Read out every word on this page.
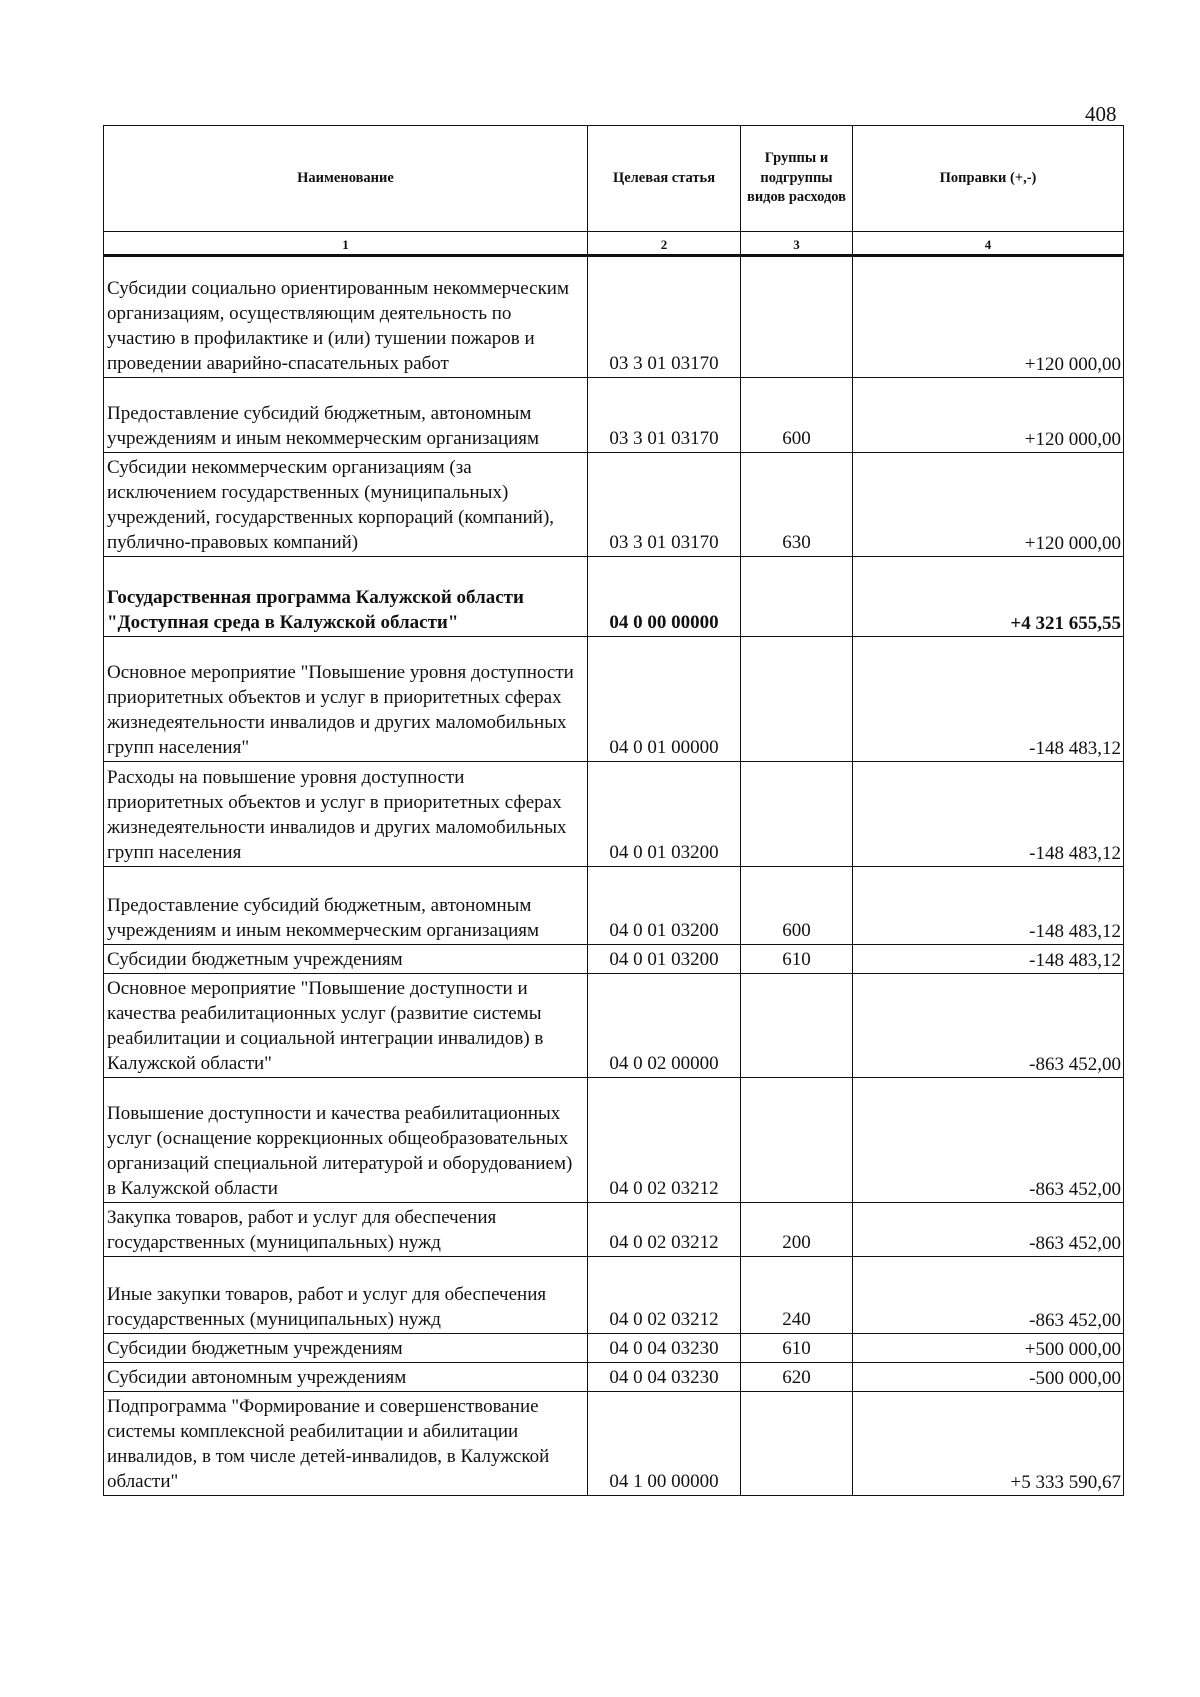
408
Наименование	Целевая статья	Группы и подгруппы видов расходов	Поправки (+,-)
1	2	3	4
Субсидии социально ориентированным некоммерческим организациям, осуществляющим деятельность по участию в профилактике и (или) тушении пожаров и проведении аварийно-спасательных работ	03 3 01 03170		+120 000,00
Предоставление субсидий бюджетным, автономным учреждениям и иным некоммерческим организациям	03 3 01 03170	600	+120 000,00
Субсидии некоммерческим организациям (за исключением государственных (муниципальных) учреждений, государственных корпораций (компаний), публично-правовых компаний)	03 3 01 03170	630	+120 000,00
Государственная программа Калужской области "Доступная среда в Калужской области"	04 0 00 00000		+4 321 655,55
Основное мероприятие "Повышение уровня доступности приоритетных объектов и услуг в приоритетных сферах жизнедеятельности инвалидов и других маломобильных групп населения"	04 0 01 00000		-148 483,12
Расходы на повышение уровня доступности приоритетных объектов и услуг в приоритетных сферах жизнедеятельности инвалидов и других маломобильных групп населения	04 0 01 03200		-148 483,12
Предоставление субсидий бюджетным, автономным учреждениям и иным некоммерческим организациям	04 0 01 03200	600	-148 483,12
Субсидии бюджетным учреждениям	04 0 01 03200	610	-148 483,12
Основное мероприятие "Повышение доступности и качества реабилитационных услуг (развитие системы реабилитации и социальной интеграции инвалидов) в Калужской области"	04 0 02 00000		-863 452,00
Повышение доступности и качества реабилитационных услуг (оснащение коррекционных общеобразовательных организаций специальной литературой и оборудованием) в Калужской области	04 0 02 03212		-863 452,00
Закупка товаров, работ и услуг для обеспечения государственных (муниципальных) нужд	04 0 02 03212	200	-863 452,00
Иные закупки товаров, работ и услуг для обеспечения государственных (муниципальных) нужд	04 0 02 03212	240	-863 452,00
Субсидии бюджетным учреждениям	04 0 04 03230	610	+500 000,00
Субсидии автономным учреждениям	04 0 04 03230	620	-500 000,00
Подпрограмма "Формирование и совершенствование системы комплексной реабилитации и абилитации инвалидов, в том числе детей-инвалидов, в Калужской области"	04 1 00 00000		+5 333 590,67
